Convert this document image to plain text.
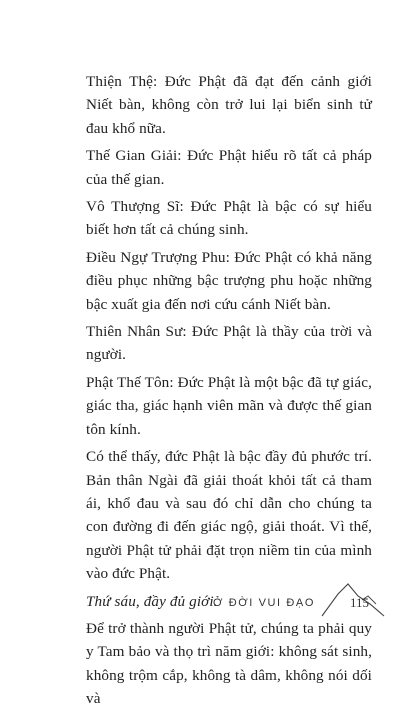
Thiện Thệ: Đức Phật đã đạt đến cảnh giới Niết bàn, không còn trở lui lại biển sinh tử đau khổ nữa.

Thế Gian Giải: Đức Phật hiểu rõ tất cả pháp của thế gian.

Vô Thượng Sĩ: Đức Phật là bậc có sự hiểu biết hơn tất cả chúng sinh.

Điều Ngự Trượng Phu: Đức Phật có khả năng điều phục những bậc trượng phu hoặc những bậc xuất gia đến nơi cứu cánh Niết bàn.

Thiên Nhân Sư: Đức Phật là thầy của trời và người.

Phật Thế Tôn: Đức Phật là một bậc đã tự giác, giác tha, giác hạnh viên mãn và được thế gian tôn kính.

Có thể thấy, đức Phật là bậc đầy đủ phước trí. Bản thân Ngài đã giải thoát khỏi tất cả tham ái, khổ đau và sau đó chỉ dẫn cho chúng ta con đường đi đến giác ngộ, giải thoát. Vì thế, người Phật tử phải đặt trọn niềm tin của mình vào đức Phật.

Thứ sáu, đầy đủ giới.

Để trở thành người Phật tử, chúng ta phải quy y Tam bảo và thọ trì năm giới: không sát sinh, không trộm cắp, không tà dâm, không nói dối và

Ở ĐỜI VUI ĐẠO	115
